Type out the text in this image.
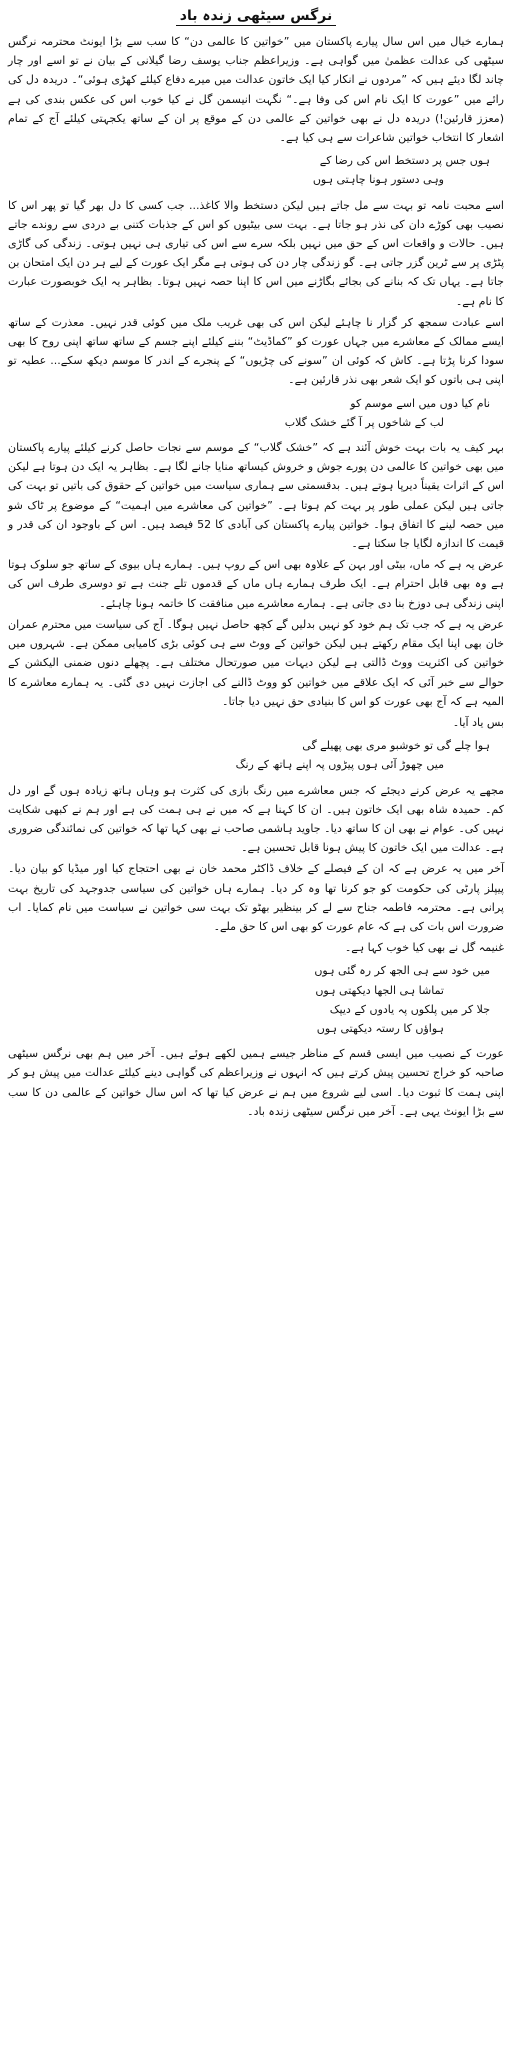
نرگس سیٹھی زندہ باد

ہمارے خیال میں اس سال پیارے پاکستان میں ”خواتین کا عالمی دن“ کا سب سے بڑا ایونٹ محترمہ نرگس سیٹھی کی عدالت عظمیٰ میں گواہی ہے۔ وزیراعظم جناب یوسف رضا گیلانی کے بیان نے تو اسے اور چار چاند لگا دیئے ہیں کہ ”مردوں نے انکار کیا ایک خاتون عدالت میں میرے دفاع کیلئے کھڑی ہوئی“۔ دریدہ دل کی رائے میں ”عورت کا ایک نام اس کی وفا ہے۔“ نگہت انیسمن گل نے کیا خوب اس کی عکس بندی کی ہے (معزز قارئین!) دریدہ دل نے بھی خواتین کے عالمی دن کے موقع پر ان کے ساتھ یکجہتی کیلئے آج کے تمام اشعار کا انتخاب خواتین شاعرات سے ہی کیا ہے۔

ہوں جس پر دستخط اس کی رضا کے

وہی دستور ہونا چاہتی ہوں

اسے محبت نامہ تو بہت سے مل جاتے ہیں لیکن دستخط والا کاغذ... جب کسی کا دل بھر گیا تو پھر اس کا نصیب بھی کوڑے دان کی نذر ہو جاتا ہے۔ بہت سی بیٹیوں کو اس کے جذبات کتنی بے دردی سے روندے جاتے ہیں۔ حالات و واقعات اس کے حق میں نہیں بلکہ سرے سے اس کی تیاری ہی نہیں ہوتی۔ زندگی کی گاڑی پٹڑی پر سے ٹرین گزر جاتی ہے۔ گو زندگی چار دن کی ہوتی ہے مگر ایک عورت کے لیے ہر دن ایک امتحان بن جاتا ہے۔ یہاں تک کہ بنانے کی بجائے بگاڑنے میں اس کا اپنا حصہ نہیں ہوتا۔ بظاہر یہ ایک خوبصورت عبارت کا نام ہے۔

اسے عبادت سمجھ کر گزار نا چاہئے لیکن اس کی بھی غریب ملک میں کوئی قدر نہیں۔ معذرت کے ساتھ ایسے ممالک کے معاشرے میں جہاں عورت کو ”کماڈیٹ“ بننے کیلئے اپنے جسم کے ساتھ ساتھ اپنی روح کا بھی سودا کرنا پڑتا ہے۔ کاش کہ کوئی ان ”سونے کی چڑیوں“ کے پنجرے کے اندر کا موسم دیکھ سکے... عطیہ تو اپنی ہی باتوں کو ایک شعر بھی نذر قارئین ہے۔

نام کیا دوں میں اسے موسم کو

لب کے شاخوں پر آ گئے خشک گلاب

بہر کیف یہ بات بہت خوش آئند ہے کہ ”خشک گلاب“ کے موسم سے نجات حاصل کرنے کیلئے پیارے پاکستان میں بھی خواتین کا عالمی دن پورے جوش و خروش کیساتھ منایا جانے لگا ہے۔ بظاہر یہ ایک دن ہوتا ہے لیکن اس کے اثرات یقیناً دیرپا ہوتے ہیں۔ بدقسمتی سے ہماری سیاست میں خواتین کے حقوق کی باتیں تو بہت کی جاتی ہیں لیکن عملی طور پر بہت کم ہوتا ہے۔ ”خواتین کی معاشرے میں اہمیت“ کے موضوع پر ٹاک شو میں حصہ لینے کا اتفاق ہوا۔ خواتین پیارے پاکستان کی آبادی کا 52 فیصد ہیں۔ اس کے باوجود ان کی قدر و قیمت کا اندازہ لگایا جا سکتا ہے۔

عرض یہ ہے کہ ماں، بیٹی اور بہن کے علاوہ بھی اس کے روپ ہیں۔ ہمارے ہاں بیوی کے ساتھ جو سلوک ہوتا ہے وہ بھی قابل احترام ہے۔ ایک طرف ہمارے ہاں ماں کے قدموں تلے جنت ہے تو دوسری طرف اس کی اپنی زندگی ہی دوزخ بنا دی جاتی ہے۔ ہمارے معاشرے میں منافقت کا خاتمہ ہونا چاہئے۔

عرض یہ ہے کہ جب تک ہم خود کو نہیں بدلیں گے کچھ حاصل نہیں ہوگا۔ آج کی سیاست میں محترم عمران خان بھی اپنا ایک مقام رکھتے ہیں لیکن خواتین کے ووٹ سے ہی کوئی بڑی کامیابی ممکن ہے۔ شہروں میں خواتین کی اکثریت ووٹ ڈالتی ہے لیکن دیہات میں صورتحال مختلف ہے۔ پچھلے دنوں ضمنی الیکشن کے حوالے سے خبر آئی کہ ایک علاقے میں خواتین کو ووٹ ڈالنے کی اجازت نہیں دی گئی۔ یہ ہمارے معاشرے کا المیہ ہے کہ آج بھی عورت کو اس کا بنیادی حق نہیں دیا جاتا۔

بس یاد آیا۔

ہوا چلے گی تو خوشبو مری بھی پھیلے گی

میں چھوڑ آئی ہوں پیڑوں پہ اپنے ہاتھ کے رنگ

مجھے یہ عرض کرنے دیجئے کہ جس معاشرے میں رنگ بازی کی کثرت ہو وہاں ہاتھ زیادہ ہوں گے اور دل کم۔ حمیدہ شاہ بھی ایک خاتون ہیں۔ ان کا کہنا ہے کہ میں نے ہی ہمت کی ہے اور ہم نے کبھی شکایت نہیں کی۔ عوام نے بھی ان کا ساتھ دیا۔ جاوید ہاشمی صاحب نے بھی کہا تھا کہ خواتین کی نمائندگی ضروری ہے۔ عدالت میں ایک خاتون کا پیش ہونا قابل تحسین ہے۔

آخر میں یہ عرض ہے کہ ان کے فیصلے کے خلاف ڈاکٹر محمد خان نے بھی احتجاج کیا اور میڈیا کو بیان دیا۔ پیپلز پارٹی کی حکومت کو جو کرنا تھا وہ کر دیا۔ ہمارے ہاں خواتین کی سیاسی جدوجہد کی تاریخ بہت پرانی ہے۔ محترمہ فاطمہ جناح سے لے کر بینظیر بھٹو تک بہت سی خواتین نے سیاست میں نام کمایا۔ اب ضرورت اس بات کی ہے کہ عام عورت کو بھی اس کا حق ملے۔

غنیمہ گل نے بھی کیا خوب کہا ہے۔

میں خود سے ہی الجھ کر رہ گئی ہوں

تماشا ہی الجھا دیکھتی ہوں

جلا کر میں پلکوں پہ یادوں کے دیپک

ہواؤں کا رستہ دیکھتی ہوں

عورت کے نصیب میں ایسی قسم کے مناظر جیسے ہمیں لکھے ہوئے ہیں۔ آخر میں ہم بھی نرگس سیٹھی صاحبہ کو خراج تحسین پیش کرتے ہیں کہ انہوں نے وزیراعظم کی گواہی دینے کیلئے عدالت میں پیش ہو کر اپنی ہمت کا ثبوت دیا۔ اسی لیے شروع میں ہم نے عرض کیا تھا کہ اس سال خواتین کے عالمی دن کا سب سے بڑا ایونٹ یہی ہے۔ آخر میں نرگس سیٹھی زندہ باد۔
